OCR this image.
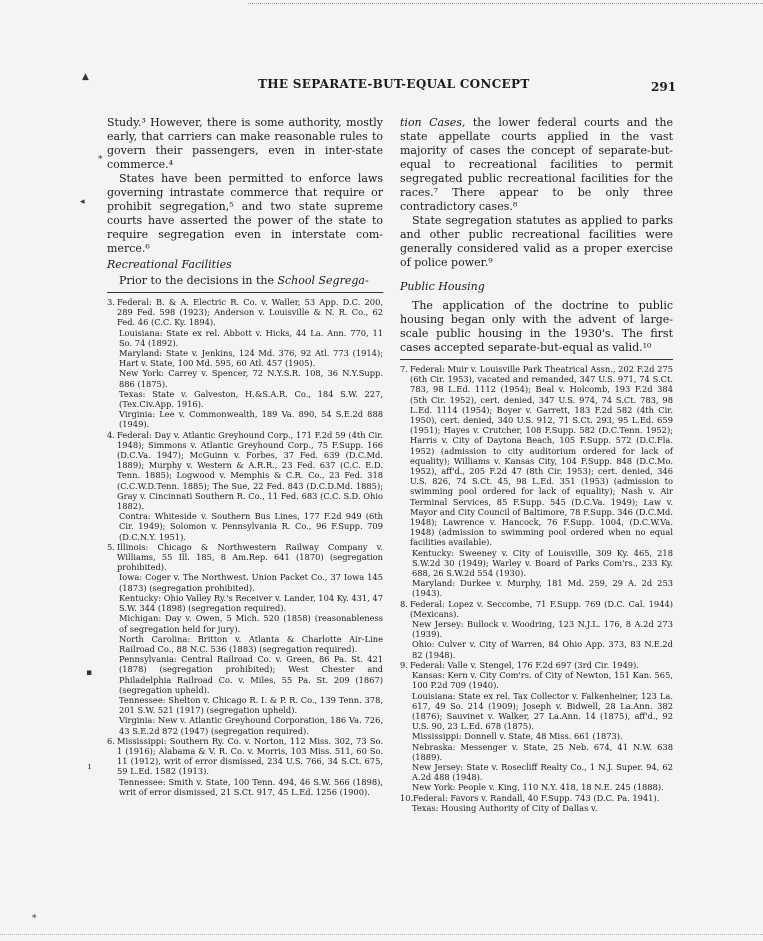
THE SEPARATE-BUT-EQUAL CONCEPT	291
▲
*
◂
▪
ı
*

Study.³ However, there is some authority, mostly early, that carriers can make reasonable rules to govern their passengers, even in inter-state commerce.⁴

States have been permitted to enforce laws governing intrastate commerce that require or prohibit segregation,⁵ and two state supreme courts have asserted the power of the state to require segregation even in interstate com-merce.⁶

Recreational Facilities

Prior to the decisions in the School Segrega-

3. Federal: B. & A. Electric R. Co. v. Waller, 53 App. D.C. 200, 289 Fed. 598 (1923); Anderson v. Louisville & N. R. Co., 62 Fed. 46 (C.C. Ky. 1894).
Louisiana: State ex rel. Abbott v. Hicks, 44 La. Ann. 770, 11 So. 74 (1892).
Maryland: State v. Jenkins, 124 Md. 376, 92 Atl. 773 (1914); Hart v. State, 100 Md. 595, 60 Atl. 457 (1905).
New York: Carrey v. Spencer, 72 N.Y.S.R. 108, 36 N.Y.Supp. 886 (1875).
Texas: State v. Galveston, H.&S.A.R. Co., 184 S.W. 227, (Tex.Civ.App. 1916).
Virginia: Lee v. Commonwealth, 189 Va. 890, 54 S.E.2d 888 (1949).
4. Federal: Day v. Atlantic Greyhound Corp., 171 F.2d 59 (4th Cir. 1948); Simmons v. Atlantic Greyhound Corp., 75 F.Supp. 166 (D.C.Va. 1947); McGuinn v. Forbes, 37 Fed. 639 (D.C.Md. 1889); Murphy v. Western & A.R.R., 23 Fed. 637 (C.C. E.D. Tenn. 1885); Logwood v. Memphis & C.R. Co., 23 Fed. 318 (C.C.W.D.Tenn. 1885); The Sue, 22 Fed. 843 (D.C.D.Md. 1885); Gray v. Cincinnati Southern R. Co., 11 Fed. 683 (C.C. S.D. Ohio 1882).
Contra: Whiteside v. Southern Bus Lines, 177 F.2d 949 (6th Cir. 1949); Solomon v. Pennsylvania R. Co., 96 F.Supp. 709 (D.C.N.Y. 1951).
5. Illinois: Chicago & Northwestern Railway Company v. Williams, 55 Ill. 185, 8 Am.Rep. 641 (1870) (segregation prohibited).
Iowa: Coger v. The Northwest. Union Packet Co., 37 Iowa 145 (1873) (segregation prohibited).
Kentucky: Ohio Valley Ry.'s Receiver v. Lander, 104 Ky. 431, 47 S.W. 344 (1898) (segregation required).
Michigan: Day v. Owen, 5 Mich. 520 (1858) (reasonableness of segregation held for jury).
North Carolina: Britton v. Atlanta & Charlotte Air-Line Railroad Co., 88 N.C. 536 (1883) (segregation required).
Pennsylvania: Central Railroad Co. v. Green, 86 Pa. St. 421 (1878) (segregation prohibited); West Chester and Philadelphia Railroad Co. v. Miles, 55 Pa. St. 209 (1867) (segregation upheld).
Tennessee: Shelton v. Chicago R. I. & P. R. Co., 139 Tenn. 378, 201 S.W. 521 (1917) (segregation upheld).
Virginia: New v. Atlantic Greyhound Corporation, 186 Va. 726, 43 S.E.2d 872 (1947) (segregation required).
6. Mississippi: Southern Ry. Co. v. Norton, 112 Miss. 302, 73 So. 1 (1916); Alabama & V. R. Co. v. Morris, 103 Miss. 511, 60 So. 11 (1912), writ of error dismissed, 234 U.S. 766, 34 S.Ct. 675, 59 L.Ed. 1582 (1913).
Tennessee: Smith v. State, 100 Tenn. 494, 46 S.W. 566 (1898), writ of error dismissed, 21 S.Ct. 917, 45 L.Ed. 1256 (1900).

tion Cases, the lower federal courts and the state appellate courts applied in the vast majority of cases the concept of separate-but-equal to recreational facilities to permit segregated public recreational facilities for the races.⁷ There appear to be only three contradictory cases.⁸

State segregation statutes as applied to parks and other public recreational facilities were generally considered valid as a proper exercise of police power.⁹

Public Housing

The application of the doctrine to public housing began only with the advent of large-scale public housing in the 1930's. The first cases accepted separate-but-equal as valid.¹⁰

7. Federal: Muir v. Louisville Park Theatrical Assn., 202 F.2d 275 (6th Cir. 1953), vacated and remanded, 347 U.S. 971, 74 S.Ct. 783, 98 L.Ed. 1112 (1954); Beal v. Holcomb, 193 F.2d 384 (5th Cir. 1952), cert. denied, 347 U.S. 974, 74 S.Ct. 783, 98 L.Ed. 1114 (1954); Boyer v. Garrett, 183 F.2d 582 (4th Cir. 1950), cert. denied, 340 U.S. 912, 71 S.Ct. 293, 95 L.Ed. 659 (1951); Hayes v. Crutcher, 108 F.Supp. 582 (D.C.Tenn. 1952); Harris v. City of Daytona Beach, 105 F.Supp. 572 (D.C.Fla. 1952) (admission to city auditorium ordered for lack of equality); Williams v. Kansas City, 104 F.Supp. 848 (D.C.Mo. 1952), aff'd., 205 F.2d 47 (8th Cir. 1953); cert. denied, 346 U.S. 826, 74 S.Ct. 45, 98 L.Ed. 351 (1953) (admission to swimming pool ordered for lack of equality); Nash v. Air Terminal Services, 85 F.Supp. 545 (D.C.Va. 1949); Law v. Mayor and City Council of Baltimore, 78 F.Supp. 346 (D.C.Md. 1948); Lawrence v. Hancock, 76 F.Supp. 1004, (D.C.W.Va. 1948) (admission to swimming pool ordered when no equal facilities available).
Kentucky: Sweeney v. City of Louisville, 309 Ky. 465, 218 S.W.2d 30 (1949); Warley v. Board of Parks Com'rs., 233 Ky. 688, 26 S.W.2d 554 (1930).
Maryland: Durkee v. Murphy, 181 Md. 259, 29 A. 2d 253 (1943).
8. Federal: Lopez v. Seccombe, 71 F.Supp. 769 (D.C. Cal. 1944) (Mexicans).
New Jersey: Bullock v. Woodring, 123 N.J.L. 176, 8 A.2d 273 (1939).
Ohio: Culver v. City of Warren, 84 Ohio App. 373, 83 N.E.2d 82 (1948).
9. Federal: Valle v. Stengel, 176 F.2d 697 (3rd Cir. 1949).
Kansas: Kern v. City Com'rs. of City of Newton, 151 Kan. 565, 100 P.2d 709 (1940).
Louisiana: State ex rel. Tax Collector v. Falkenheiner, 123 La. 617, 49 So. 214 (1909); Joseph v. Bidwell, 28 La.Ann. 382 (1876); Sauvinet v. Walker, 27 La.Ann. 14 (1875), aff'd., 92 U.S. 90, 23 L.Ed. 678 (1875).
Mississippi: Donnell v. State, 48 Miss. 661 (1873).
Nebraska: Messenger v. State, 25 Neb. 674, 41 N.W. 638 (1889).
New Jersey: State v. Rosecliff Realty Co., 1 N.J. Super. 94, 62 A.2d 488 (1948).
New York: People v. King, 110 N.Y. 418, 18 N.E. 245 (1888).
10. Federal: Favors v. Randall, 40 F.Supp. 743 (D.C. Pa. 1941).
Texas: Housing Authority of City of Dallas v.
